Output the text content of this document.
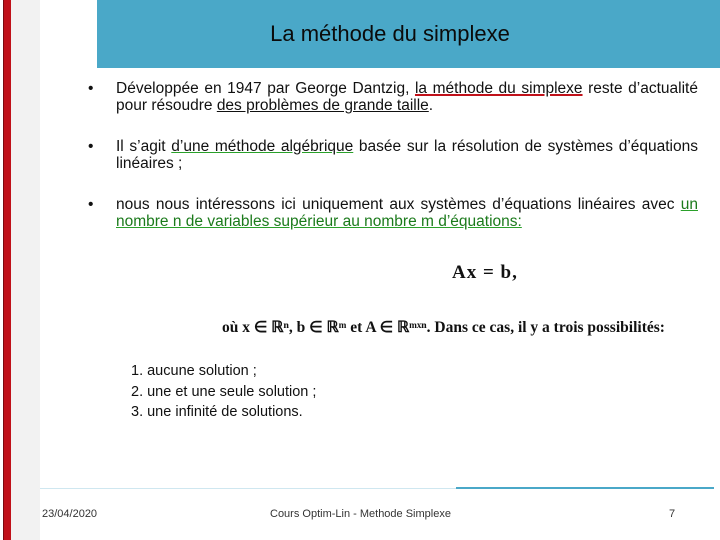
La méthode du simplexe
• Développée en 1947 par George Dantzig, la méthode du simplexe reste d’actualité pour résoudre des problèmes de grande taille.
• Il s’agit d’une méthode algébrique basée sur la résolution de systèmes d’équations linéaires ;
• nous nous intéressons ici uniquement aux systèmes d’équations linéaires avec un nombre n de variables supérieur au nombre m d’équations:
Ax = b,
où x ∈ ℝⁿ, b ∈ ℝᵐ et A ∈ ℝᵐˣⁿ. Dans ce cas, il y a trois possibilités:
1. aucune solution ;
2. une et une seule solution ;
3. une infinité de solutions.
23/04/2020	Cours Optim-Lin - Methode Simplexe	7
